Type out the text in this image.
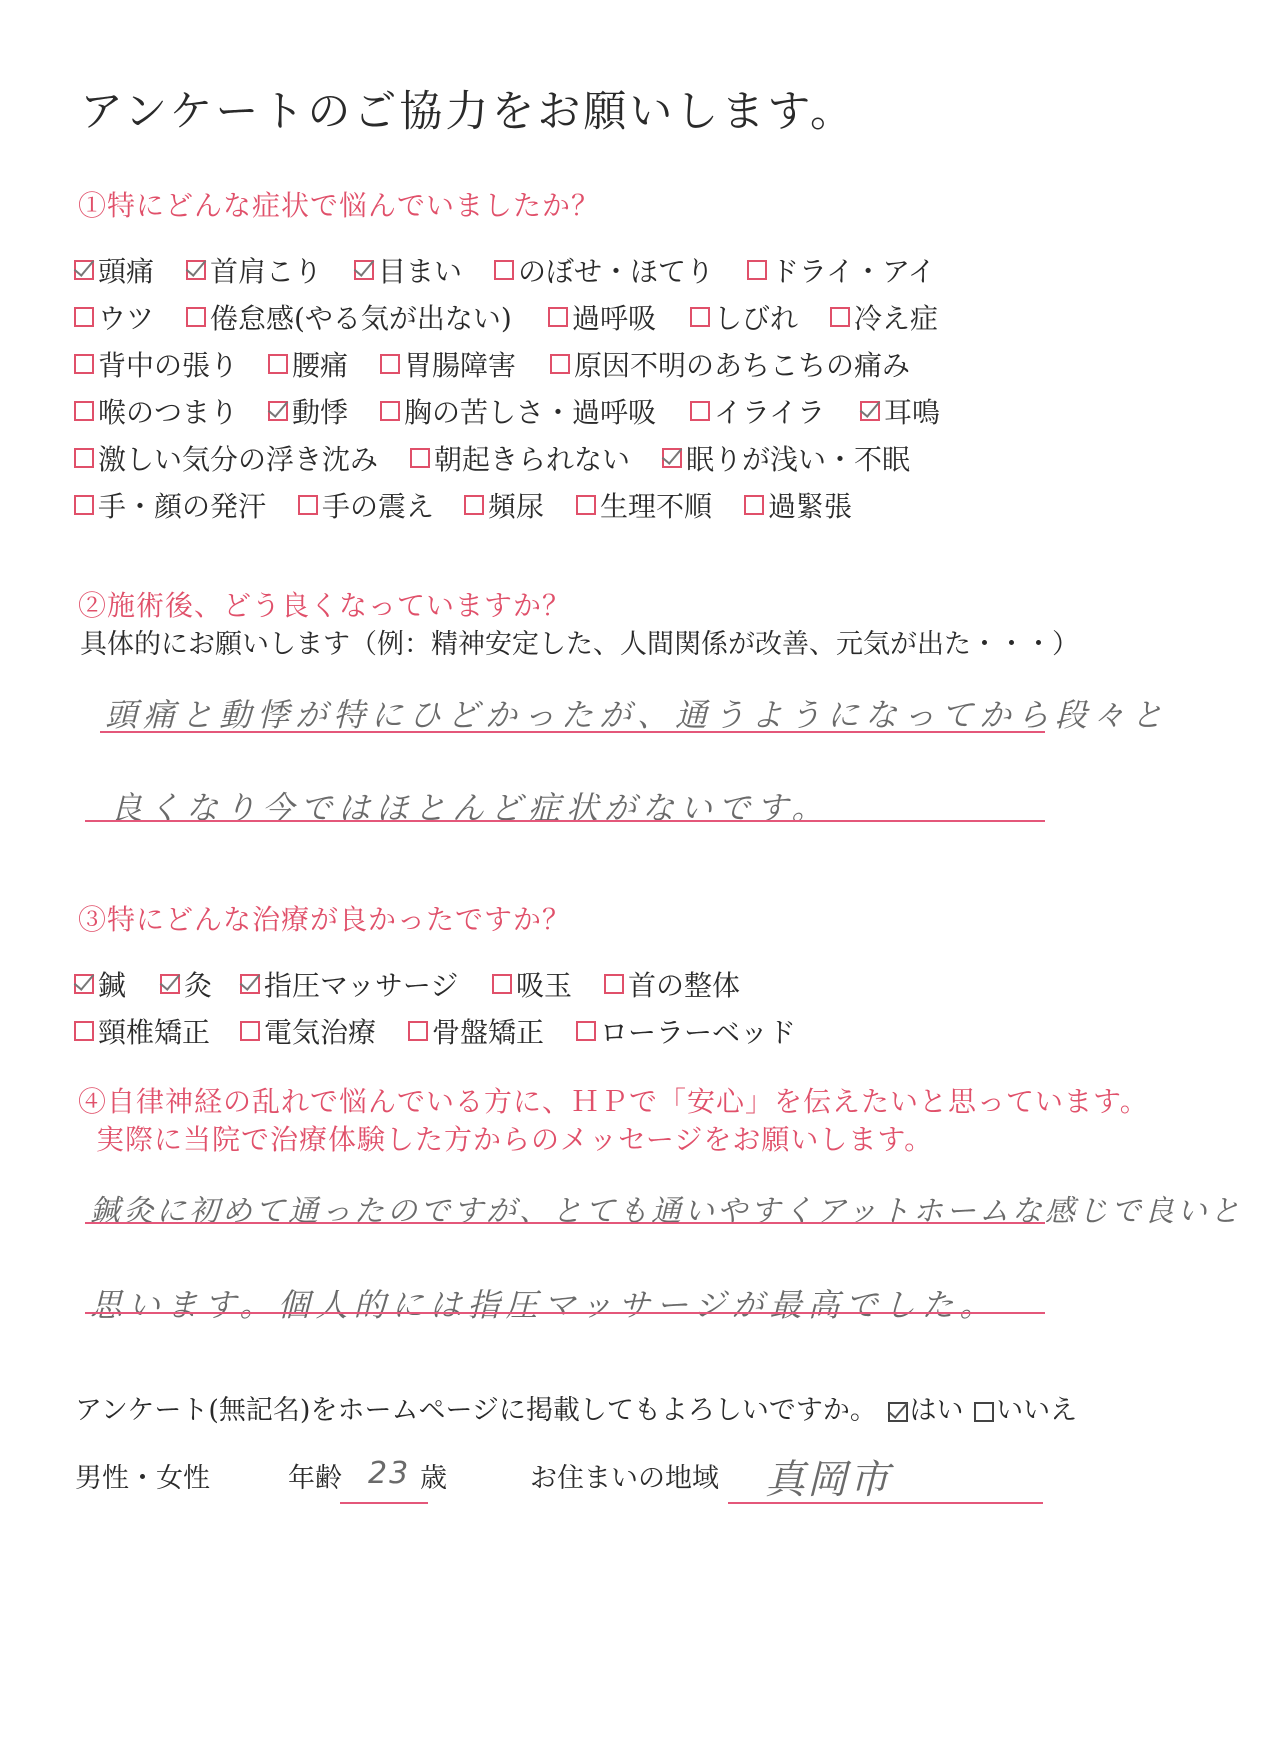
アンケートのご協力をお願いします。
①特にどんな症状で悩んでいましたか？
頭痛 首肩こり 目まい のぼせ・ほてり ドライ・アイ
ウツ 倦怠感(やる気が出ない) 過呼吸 しびれ 冷え症
背中の張り 腰痛 胃腸障害 原因不明のあちこちの痛み
喉のつまり 動悸 胸の苦しさ・過呼吸 イライラ 耳鳴
激しい気分の浮き沈み 朝起きられない 眠りが浅い・不眠
手・顔の発汗 手の震え 頻尿 生理不順 過緊張
②施術後、どう良くなっていますか？
具体的にお願いします（例：精神安定した、人間関係が改善、元気が出た・・・）
頭痛と動悸が特にひどかったが、通うようになってから段々と
良くなり今ではほとんど症状がないです。
③特にどんな治療が良かったですか？
鍼 灸 指圧マッサージ 吸玉 首の整体
頸椎矯正 電気治療 骨盤矯正 ローラーベッド
④自律神経の乱れで悩んでいる方に、ＨＰで「安心」を伝えたいと思っています。
実際に当院で治療体験した方からのメッセージをお願いします。
鍼灸に初めて通ったのですが、とても通いやすくアットホームな感じで良いと
思います。個人的には指圧マッサージが最高でした。
アンケート(無記名)をホームページに掲載してもよろしいですか。 はい いいえ
男性・女性	年齢 23 歳	お住まいの地域 真岡市
